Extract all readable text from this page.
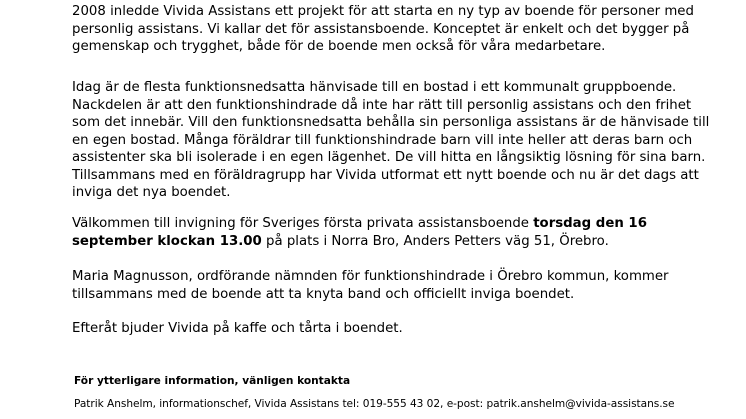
2008 inledde Vivida Assistans ett projekt för att starta en ny typ av boende för personer med
personlig assistans. Vi kallar det för assistansboende. Konceptet är enkelt och det bygger på
gemenskap och trygghet, både för de boende men också för våra medarbetare.

Idag är de flesta funktionsnedsatta hänvisade till en bostad i ett kommunalt gruppboende.
Nackdelen är att den funktionshindrade då inte har rätt till personlig assistans och den frihet
som det innebär. Vill den funktionsnedsatta behålla sin personliga assistans är de hänvisade till
en egen bostad. Många föräldrar till funktionshindrade barn vill inte heller att deras barn och
assistenter ska bli isolerade i en egen lägenhet. De vill hitta en långsiktig lösning för sina barn.
Tillsammans med en föräldragrupp har Vivida utformat ett nytt boende och nu är det dags att
inviga det nya boendet.

Välkommen till invigning för Sveriges första privata assistansboende torsdag den 16
september klockan 13.00 på plats i Norra Bro, Anders Petters väg 51, Örebro.

Maria Magnusson, ordförande nämnden för funktionshindrade i Örebro kommun, kommer
tillsammans med de boende att ta knyta band och officiellt inviga boendet.

Efteråt bjuder Vivida på kaffe och tårta i boendet.

För ytterligare information, vänligen kontakta

Patrik Anshelm, informationschef, Vivida Assistans tel: 019-555 43 02, e-post: patrik.anshelm@vivida-assistans.se
